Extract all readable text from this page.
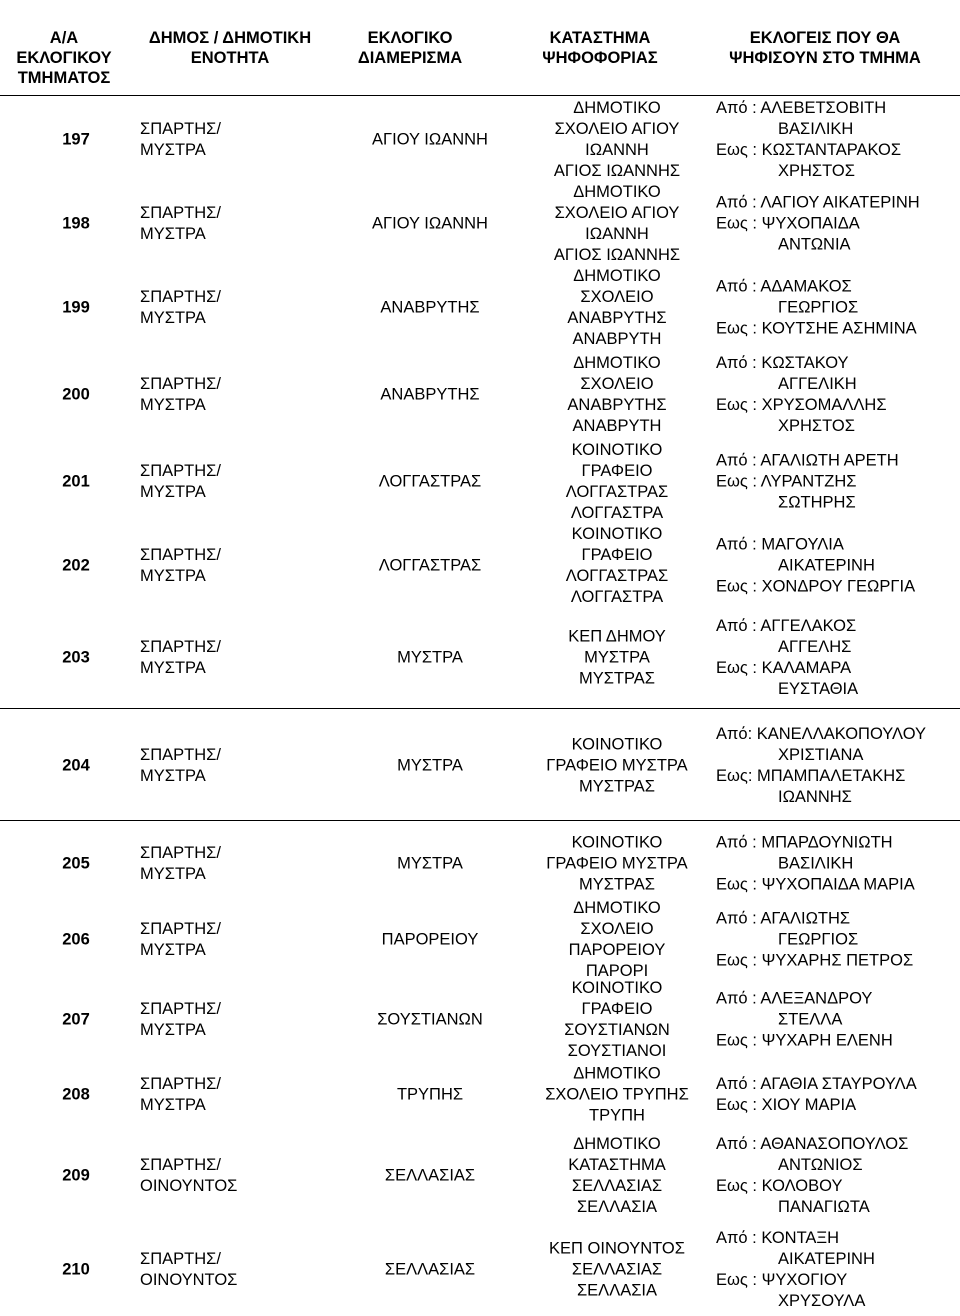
Α/Α
ΕΚΛΟΓΙΚΟΥ
ΤΜΗΜΑΤΟΣ
ΔΗΜΟΣ / ΔΗΜΟΤΙΚΗ
ΕΝΟΤΗΤΑ
ΕΚΛΟΓΙΚΟ
ΔΙΑΜΕΡΙΣΜΑ
ΚΑΤΑΣΤΗΜΑ
ΨΗΦΟΦΟΡΙΑΣ
ΕΚΛΟΓΕΙΣ ΠΟΥ ΘΑ
ΨΗΦΙΣΟΥΝ ΣΤΟ ΤΜΗΜΑ
197
ΣΠΑΡΤΗΣ/
ΜΥΣΤΡΑ
ΑΓΙΟΥ ΙΩΑΝΝΗ
ΔΗΜΟΤΙΚΟ
ΣΧΟΛΕΙΟ ΑΓΙΟΥ
ΙΩΑΝΝΗ
ΑΓΙΟΣ ΙΩΑΝΝΗΣ
Από : ΑΛΕΒΕΤΣΟΒΙΤΗ
ΒΑΣΙΛΙΚΗ
Εως : ΚΩΣΤΑΝΤΑΡΑΚΟΣ
ΧΡΗΣΤΟΣ
198
ΣΠΑΡΤΗΣ/
ΜΥΣΤΡΑ
ΑΓΙΟΥ ΙΩΑΝΝΗ
ΔΗΜΟΤΙΚΟ
ΣΧΟΛΕΙΟ ΑΓΙΟΥ
ΙΩΑΝΝΗ
ΑΓΙΟΣ ΙΩΑΝΝΗΣ
Από : ΛΑΓΙΟΥ ΑΙΚΑΤΕΡΙΝΗ
Εως : ΨΥΧΟΠΑΙΔΑ
ΑΝΤΩΝΙΑ
199
ΣΠΑΡΤΗΣ/
ΜΥΣΤΡΑ
ΑΝΑΒΡΥΤΗΣ
ΔΗΜΟΤΙΚΟ
ΣΧΟΛΕΙΟ
ΑΝΑΒΡΥΤΗΣ
ΑΝΑΒΡΥΤΗ
Από : ΑΔΑΜΑΚΟΣ
ΓΕΩΡΓΙΟΣ
Εως : ΚΟΥΤΣΗΕ ΑΣΗΜΙΝΑ
200
ΣΠΑΡΤΗΣ/
ΜΥΣΤΡΑ
ΑΝΑΒΡΥΤΗΣ
ΔΗΜΟΤΙΚΟ
ΣΧΟΛΕΙΟ
ΑΝΑΒΡΥΤΗΣ
ΑΝΑΒΡΥΤΗ
Από : ΚΩΣΤΑΚΟΥ
ΑΓΓΕΛΙΚΗ
Εως : ΧΡΥΣΟΜΑΛΛΗΣ
ΧΡΗΣΤΟΣ
201
ΣΠΑΡΤΗΣ/
ΜΥΣΤΡΑ
ΛΟΓΓΑΣΤΡΑΣ
ΚΟΙΝΟΤΙΚΟ
ΓΡΑΦΕΙΟ
ΛΟΓΓΑΣΤΡΑΣ
ΛΟΓΓΑΣΤΡΑ
Από : ΑΓΑΛΙΩΤΗ ΑΡΕΤΗ
Εως : ΛΥΡΑΝΤΖΗΣ
ΣΩΤΗΡΗΣ
202
ΣΠΑΡΤΗΣ/
ΜΥΣΤΡΑ
ΛΟΓΓΑΣΤΡΑΣ
ΚΟΙΝΟΤΙΚΟ
ΓΡΑΦΕΙΟ
ΛΟΓΓΑΣΤΡΑΣ
ΛΟΓΓΑΣΤΡΑ
Από : ΜΑΓΟΥΛΙΑ
ΑΙΚΑΤΕΡΙΝΗ
Εως : ΧΟΝΔΡΟΥ ΓΕΩΡΓΙΑ
203
ΣΠΑΡΤΗΣ/
ΜΥΣΤΡΑ
ΜΥΣΤΡΑ
ΚΕΠ ΔΗΜΟΥ
ΜΥΣΤΡΑ
ΜΥΣΤΡΑΣ
Από : ΑΓΓΕΛΑΚΟΣ
ΑΓΓΕΛΗΣ
Εως : ΚΑΛΑΜΑΡΑ
ΕΥΣΤΑΘΙΑ
204
ΣΠΑΡΤΗΣ/
ΜΥΣΤΡΑ
ΜΥΣΤΡΑ
ΚΟΙΝΟΤΙΚΟ
ΓΡΑΦΕΙΟ ΜΥΣΤΡΑ
ΜΥΣΤΡΑΣ
Από: ΚΑΝΕΛΛΑΚΟΠΟΥΛΟΥ
ΧΡΙΣΤΙΑΝΑ
Εως: ΜΠΑΜΠΑΛΕΤΑΚΗΣ
ΙΩΑΝΝΗΣ
205
ΣΠΑΡΤΗΣ/
ΜΥΣΤΡΑ
ΜΥΣΤΡΑ
ΚΟΙΝΟΤΙΚΟ
ΓΡΑΦΕΙΟ ΜΥΣΤΡΑ
ΜΥΣΤΡΑΣ
Από : ΜΠΑΡΔΟΥΝΙΩΤΗ
ΒΑΣΙΛΙΚΗ
Εως : ΨΥΧΟΠΑΙΔΑ ΜΑΡΙΑ
206
ΣΠΑΡΤΗΣ/
ΜΥΣΤΡΑ
ΠΑΡΟΡΕΙΟΥ
ΔΗΜΟΤΙΚΟ
ΣΧΟΛΕΙΟ
ΠΑΡΟΡΕΙΟΥ
ΠΑΡΟΡΙ
Από : ΑΓΑΛΙΩΤΗΣ
ΓΕΩΡΓΙΟΣ
Εως : ΨΥΧΑΡΗΣ ΠΕΤΡΟΣ
207
ΣΠΑΡΤΗΣ/
ΜΥΣΤΡΑ
ΣΟΥΣΤΙΑΝΩΝ
ΚΟΙΝΟΤΙΚΟ
ΓΡΑΦΕΙΟ
ΣΟΥΣΤΙΑΝΩΝ
ΣΟΥΣΤΙΑΝΟΙ
Από : ΑΛΕΞΑΝΔΡΟΥ
ΣΤΕΛΛΑ
Εως : ΨΥΧΑΡΗ ΕΛΕΝΗ
208
ΣΠΑΡΤΗΣ/
ΜΥΣΤΡΑ
ΤΡΥΠΗΣ
ΔΗΜΟΤΙΚΟ
ΣΧΟΛΕΙΟ ΤΡΥΠΗΣ
ΤΡΥΠΗ
Από : ΑΓΑΘΙΑ ΣΤΑΥΡΟΥΛΑ
Εως : ΧΙΟΥ ΜΑΡΙΑ
209
ΣΠΑΡΤΗΣ/
ΟΙΝΟΥΝΤΟΣ
ΣΕΛΛΑΣΙΑΣ
ΔΗΜΟΤΙΚΟ
ΚΑΤΑΣΤΗΜΑ
ΣΕΛΛΑΣΙΑΣ
ΣΕΛΛΑΣΙΑ
Από : ΑΘΑΝΑΣΟΠΟΥΛΟΣ
ΑΝΤΩΝΙΟΣ
Εως : ΚΟΛΟΒΟΥ
ΠΑΝΑΓΙΩΤΑ
210
ΣΠΑΡΤΗΣ/
ΟΙΝΟΥΝΤΟΣ
ΣΕΛΛΑΣΙΑΣ
ΚΕΠ ΟΙΝΟΥΝΤΟΣ
ΣΕΛΛΑΣΙΑΣ
ΣΕΛΛΑΣΙΑ
Από : ΚΟΝΤΑΞΗ
ΑΙΚΑΤΕΡΙΝΗ
Εως : ΨΥΧΟΓΙΟΥ
ΧΡΥΣΟΥΛΑ
